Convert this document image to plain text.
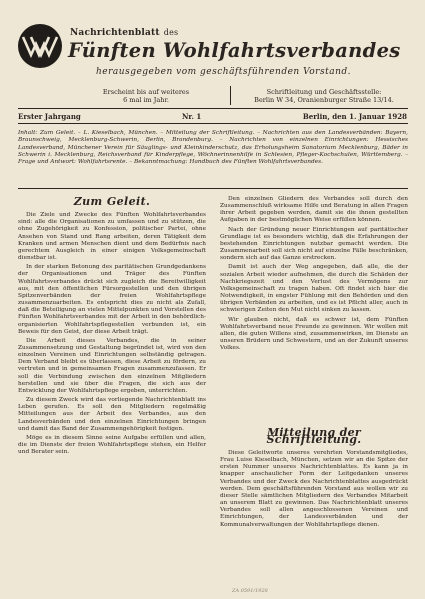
Nachrichtenblatt des
Fünften Wohlfahrtsverbandes
herausgegeben vom geschäftsführenden Vorstand.
Erscheint bis auf weiteres
6 mal im Jahr.
Schriftleitung und Geschäftsstelle:
Berlin W 34, Oranienburger Straße 13/14.
Erster Jahrgang	Nr. 1	Berlin, den 1. Januar 1928
Inhalt: Zum Geleit. – L. Kieselbach, München. – Mitteilung der Schriftleitung. – Nachrichten aus den Landesverbänden: Bayern, Braunschweig, Mecklenburg-Schwerin, Berlin, Brandenburg. – Nachrichten von einzelnen Einrichtungen: Hessisches Landesverband, Münchener Verein für Säuglings- und Kleinkinderschutz, das Erholungsheim Sanatorium Mecklenburg, Bäder in Schwerin i. Mecklenburg, Reichsverband für Kinderpflege, Wöchnerinnenhilfe in Schlesien, Pfleger-Kochschulen, Württemberg. – Frage und Antwort: Wohlfahrtsrente. – Bekanntmachung: Handbuch des Fünften Wohlfahrtsverbandes.
Zum Geleit.

Die Ziele und Zwecke des Fünften Wohlfahrtsverbandes sind: alle die Organisationen zu umfassen und zu stützen, die ohne Zugehörigkeit zu Konfession, politischer Partei, ohne Ansehen von Stand und Rang arbeiten, deren Tätigkeit dem Kranken und armen Menschen dient und dem Bedürfnis nach gerechtem Ausgleich in einer einigen Volksgemeinschaft dienstbar ist.

In der starken Betonung des paritätischen Grundgedankens der Organisationen und Träger des Fünften Wohlfahrtsverbandes drückt sich zugleich die Bereitwilligkeit aus, mit den öffentlichen Fürsorgestellen und den übrigen Spitzenverbänden der freien Wohlfahrtspflege zusammenzuarbeiten. Es entspricht dies zu nicht als Zufall, daß die Beteiligung an vielen Mittelpunkten und Vorstellen des Fünften Wohlfahrtsverbandes mit der Arbeit in den behördlich-organisierten Wohlfahrtspflegestellen verbunden ist, ein Beweis für den Geist, der diese Arbeit trägt.

Die Arbeit dieses Verbandes, die in seiner Zusammensetzung und Gestaltung begründet ist, wird von den einzelnen Vereinen und Einrichtungen selbständig getragen. Dem Verband bleibt es überlassen, diese Arbeit zu fördern, zu vertreten und in gemeinsamen Fragen zusammenzufassen. Er soll die Verbindung zwischen den einzelnen Mitgliedern herstellen und sie über die Fragen, die sich aus der Entwicklung der Wohlfahrtspflege ergeben, unterrichten.

Zu diesem Zweck wird das vorliegende Nachrichtenblatt ins Leben gerufen. Es soll den Mitgliedern regelmäßig Mitteilungen aus der Arbeit des Verbandes, aus den Landesverbänden und den einzelnen Einrichtungen bringen und damit das Band der Zusammengehörigkeit festigen.

Möge es in diesem Sinne seine Aufgabe erfüllen und allen, die im Dienste der freien Wohlfahrtspflege stehen, ein Helfer und Berater sein.

Den einzelnen Gliedern des Verbandes soll durch den Zusammenschluß wirksame Hilfe und Beratung in allen Fragen ihrer Arbeit gegeben werden, damit sie die ihnen gestellten Aufgaben in der bestmöglichen Weise erfüllen können.

Nach der Gründung neuer Einrichtungen auf paritätischer Grundlage ist es besonders wichtig, daß die Erfahrungen der bestehenden Einrichtungen nutzbar gemacht werden. Die Zusammenarbeit soll sich nicht auf einzelne Fälle beschränken, sondern sich auf das Ganze erstrecken.

Damit ist auch der Weg angegeben, daß alle, die der sozialen Arbeit wieder aufnehmen, die durch die Schäden der Nachkriegszeit und den Verlust des Vermögens zur Volksgemeinschaft zu tragen haben. Oft findet sich hier die Notwendigkeit, in engster Fühlung mit den Behörden und den übrigen Verbänden zu arbeiten, und es ist Pflicht aller, auch in schwierigen Zeiten den Mut nicht sinken zu lassen.

Wir glauben nicht, daß es schwer ist, dem Fünften Wohlfahrtsverband neue Freunde zu gewinnen. Wir wollen mit allen, die guten Willens sind, zusammenwirken, im Dienste an unseren Brüdern und Schwestern, und an der Zukunft unseres Volkes.

Mitteilung der Schriftleitung.

Diese Geleitworte unseres verehrten Vorstandsmitgliedes, Frau Luise Kieselbach, München, setzen wir an die Spitze der ersten Nummer unseres Nachrichtenblattes. Es kann ja in knapper anschaulicher Form der Leitgedanken unseres Verbandes und der Zweck des Nachrichtenblattes ausgedrückt werden. Dem geschäftsführenden Vorstand aus wollen wir zu dieser Stelle sämtlichen Mitgliedern des Verbandes Mitarbeit an unserem Blatt zu gewinnen. Das Nachrichtenblatt unseres Verbandes soll allen angeschlossenen Vereinen und Einrichtungen, der Landesverbänden und der Kommunalverwaltungen der Wohlfahrtspflege dienen.

ZA 0591/1928
